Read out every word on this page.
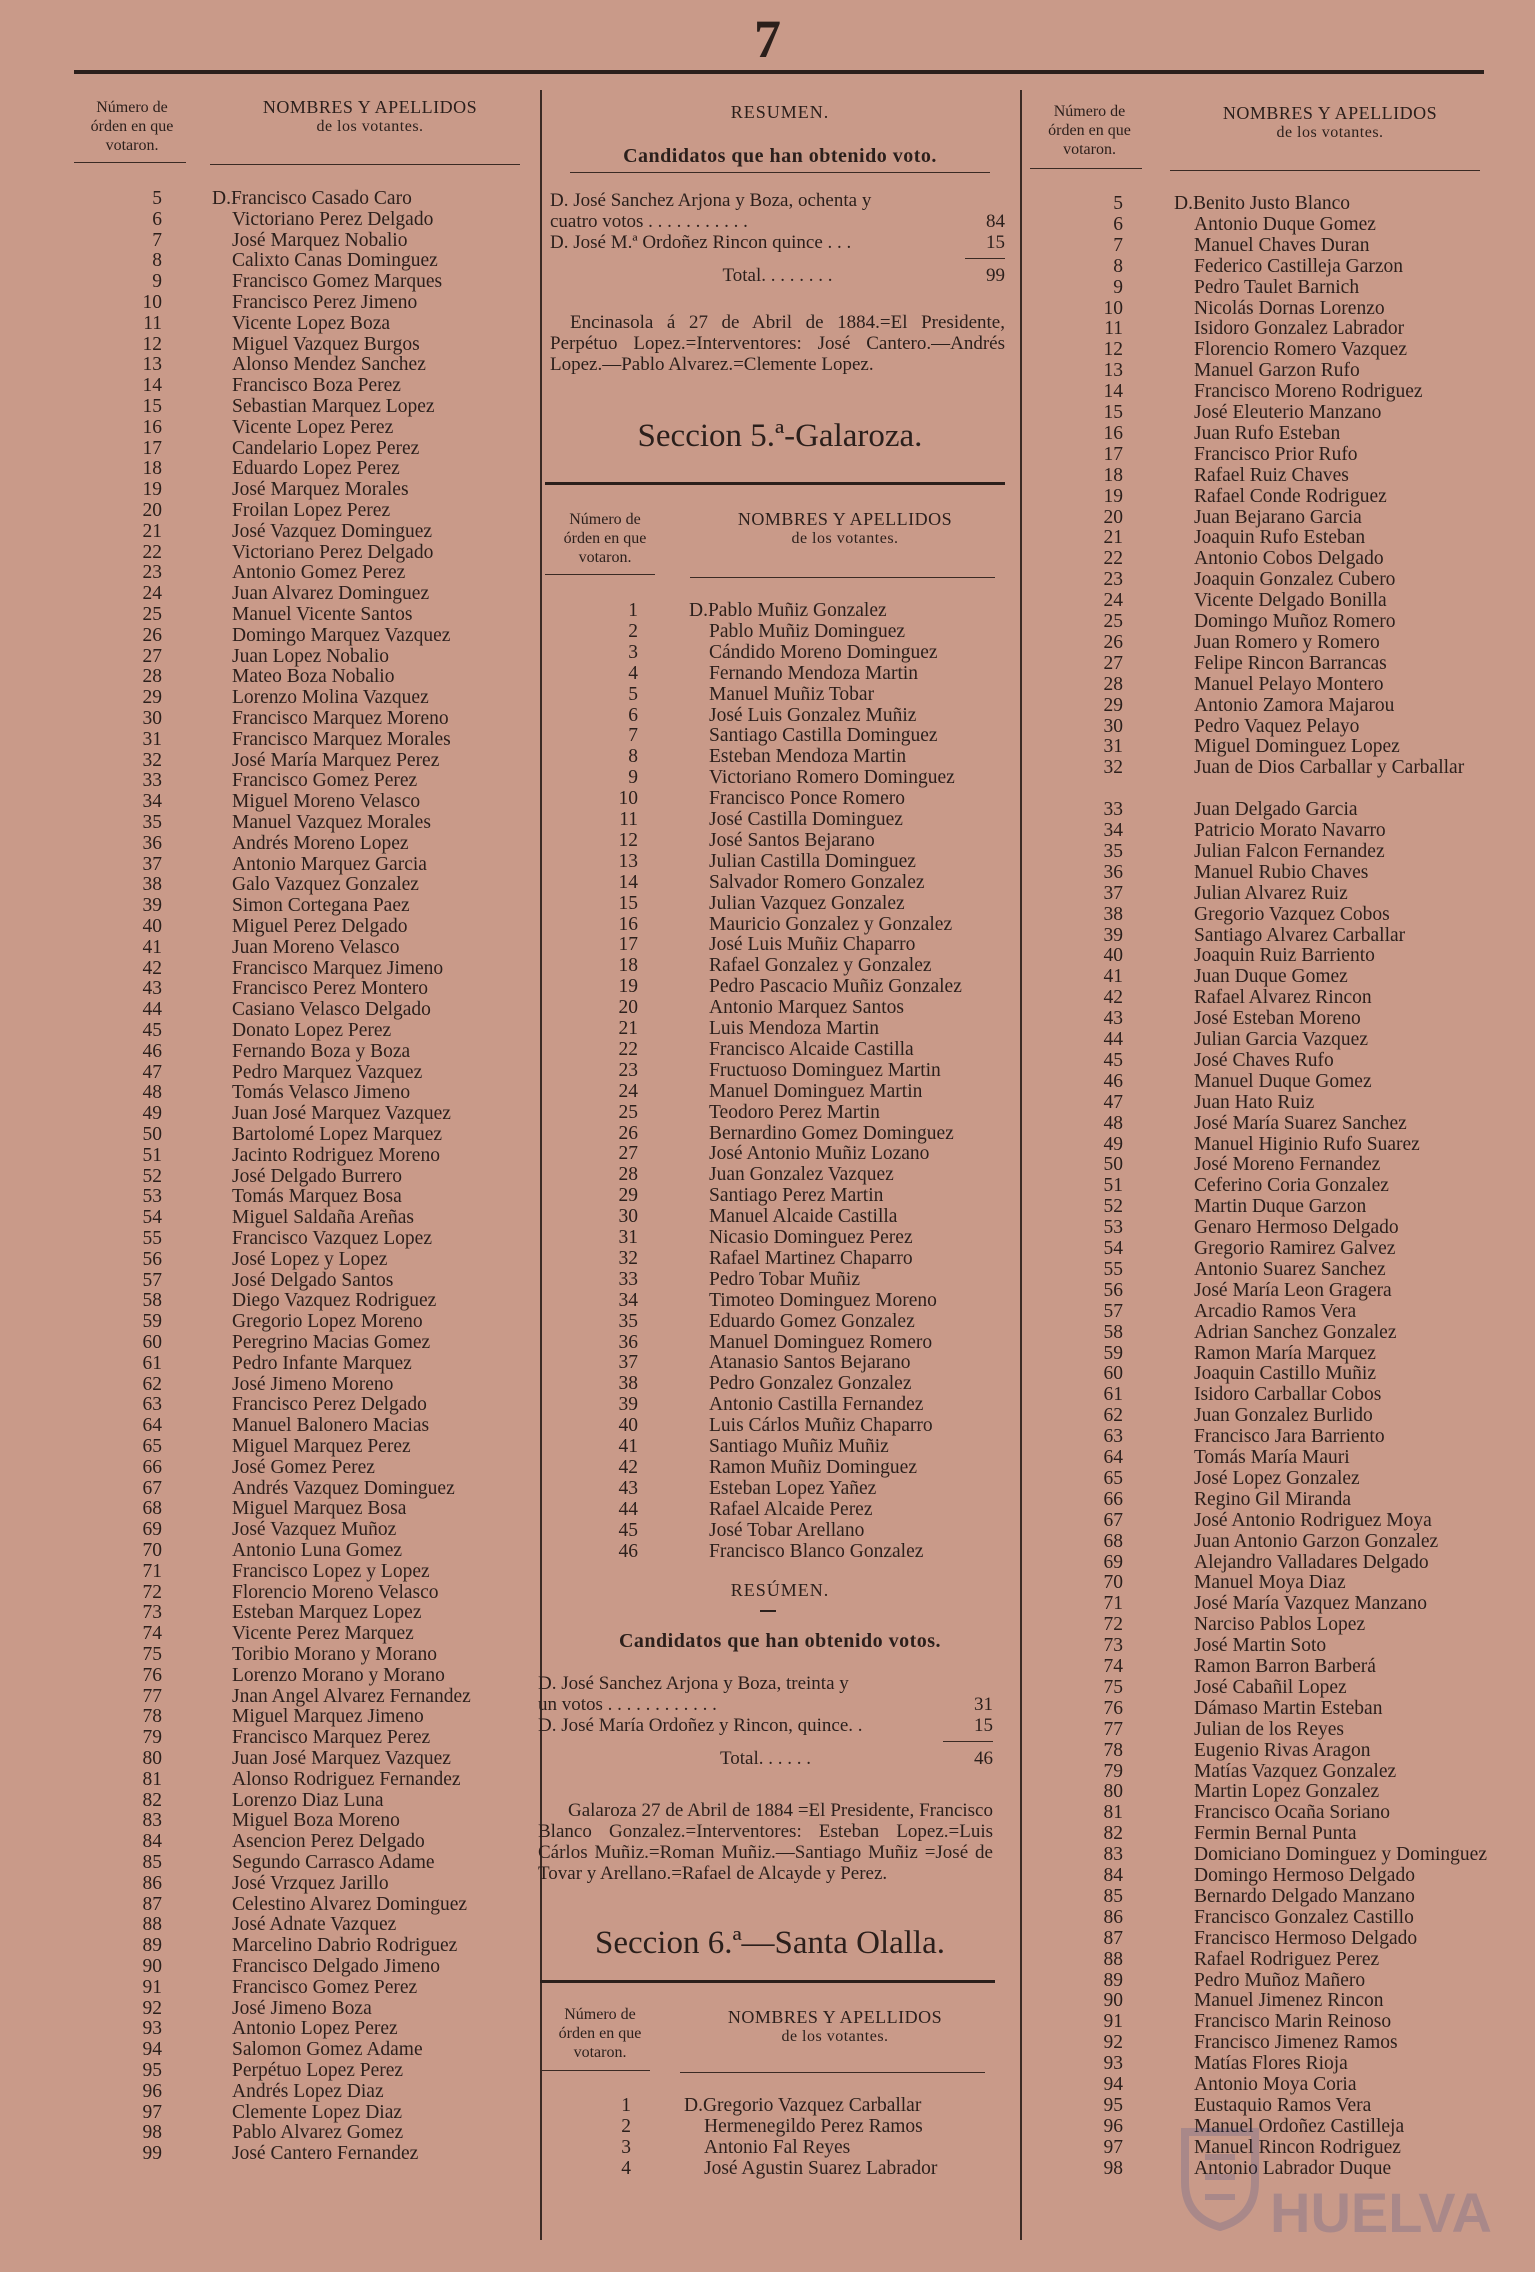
7
Número de
órden en que
votaron.
NOMBRES Y APELLIDOS
de los votantes.
5	D.Francisco Casado Caro
6	Victoriano Perez Delgado
7	José Marquez Nobalio
8	Calixto Canas Dominguez
9	Francisco Gomez Marques
10	Francisco Perez Jimeno
11	Vicente Lopez Boza
12	Miguel Vazquez Burgos
13	Alonso Mendez Sanchez
14	Francisco Boza Perez
15	Sebastian Marquez Lopez
16	Vicente Lopez Perez
17	Candelario Lopez Perez
18	Eduardo Lopez Perez
19	José Marquez Morales
20	Froilan Lopez Perez
21	José Vazquez Dominguez
22	Victoriano Perez Delgado
23	Antonio Gomez Perez
24	Juan Alvarez Dominguez
25	Manuel Vicente Santos
26	Domingo Marquez Vazquez
27	Juan Lopez Nobalio
28	Mateo Boza Nobalio
29	Lorenzo Molina Vazquez
30	Francisco Marquez Moreno
31	Francisco Marquez Morales
32	José María Marquez Perez
33	Francisco Gomez Perez
34	Miguel Moreno Velasco
35	Manuel Vazquez Morales
36	Andrés Moreno Lopez
37	Antonio Marquez Garcia
38	Galo Vazquez Gonzalez
39	Simon Cortegana Paez
40	Miguel Perez Delgado
41	Juan Moreno Velasco
42	Francisco Marquez Jimeno
43	Francisco Perez Montero
44	Casiano Velasco Delgado
45	Donato Lopez Perez
46	Fernando Boza y Boza
47	Pedro Marquez Vazquez
48	Tomás Velasco Jimeno
49	Juan José Marquez Vazquez
50	Bartolomé Lopez Marquez
51	Jacinto Rodriguez Moreno
52	José Delgado Burrero
53	Tomás Marquez Bosa
54	Miguel Saldaña Areñas
55	Francisco Vazquez Lopez
56	José Lopez y Lopez
57	José Delgado Santos
58	Diego Vazquez Rodriguez
59	Gregorio Lopez Moreno
60	Peregrino Macias Gomez
61	Pedro Infante Marquez
62	José Jimeno Moreno
63	Francisco Perez Delgado
64	Manuel Balonero Macias
65	Miguel Marquez Perez
66	José Gomez Perez
67	Andrés Vazquez Dominguez
68	Miguel Marquez Bosa
69	José Vazquez Muñoz
70	Antonio Luna Gomez
71	Francisco Lopez y Lopez
72	Florencio Moreno Velasco
73	Esteban Marquez Lopez
74	Vicente Perez Marquez
75	Toribio Morano y Morano
76	Lorenzo Morano y Morano
77	Jnan Angel Alvarez Fernandez
78	Miguel Marquez Jimeno
79	Francisco Marquez Perez
80	Juan José Marquez Vazquez
81	Alonso Rodriguez Fernandez
82	Lorenzo Diaz Luna
83	Miguel Boza Moreno
84	Asencion Perez Delgado
85	Segundo Carrasco Adame
86	José Vrzquez Jarillo
87	Celestino Alvarez Dominguez
88	José Adnate Vazquez
89	Marcelino Dabrio Rodriguez
90	Francisco Delgado Jimeno
91	Francisco Gomez Perez
92	José Jimeno Boza
93	Antonio Lopez Perez
94	Salomon Gomez Adame
95	Perpétuo Lopez Perez
96	Andrés Lopez Diaz
97	Clemente Lopez Diaz
98	Pablo Alvarez Gomez
99	José Cantero Fernandez
RESUMEN.
Candidatos que han obtenido voto.
D. José Sanchez Arjona y Boza, ochenta y
cuatro votos . . . . . . . . . . .	84
D. José M.ª Ordoñez Rincon quince . . .	15
Total. . . . . . . .	99
Encinasola á 27 de Abril de 1884.=El Presidente, Perpétuo Lopez.=Interventores: José Cantero.—Andrés Lopez.—Pablo Alvarez.=Clemente Lopez.
Seccion 5.ª-Galaroza.
Número de
órden en que
votaron.
NOMBRES Y APELLIDOS
de los votantes.
1	D.Pablo Muñiz Gonzalez
2	Pablo Muñiz Dominguez
3	Cándido Moreno Dominguez
4	Fernando Mendoza Martin
5	Manuel Muñiz Tobar
6	José Luis Gonzalez Muñiz
7	Santiago Castilla Dominguez
8	Esteban Mendoza Martin
9	Victoriano Romero Dominguez
10	Francisco Ponce Romero
11	José Castilla Dominguez
12	José Santos Bejarano
13	Julian Castilla Dominguez
14	Salvador Romero Gonzalez
15	Julian Vazquez Gonzalez
16	Mauricio Gonzalez y Gonzalez
17	José Luis Muñiz Chaparro
18	Rafael Gonzalez y Gonzalez
19	Pedro Pascacio Muñiz Gonzalez
20	Antonio Marquez Santos
21	Luis Mendoza Martin
22	Francisco Alcaide Castilla
23	Fructuoso Dominguez Martin
24	Manuel Dominguez Martin
25	Teodoro Perez Martin
26	Bernardino Gomez Dominguez
27	José Antonio Muñiz Lozano
28	Juan Gonzalez Vazquez
29	Santiago Perez Martin
30	Manuel Alcaide Castilla
31	Nicasio Dominguez Perez
32	Rafael Martinez Chaparro
33	Pedro Tobar Muñiz
34	Timoteo Dominguez Moreno
35	Eduardo Gomez Gonzalez
36	Manuel Dominguez Romero
37	Atanasio Santos Bejarano
38	Pedro Gonzalez Gonzalez
39	Antonio Castilla Fernandez
40	Luis Cárlos Muñiz Chaparro
41	Santiago Muñiz Muñiz
42	Ramon Muñiz Dominguez
43	Esteban Lopez Yañez
44	Rafael Alcaide Perez
45	José Tobar Arellano
46	Francisco Blanco Gonzalez
RESÚMEN.
Candidatos que han obtenido votos.
D. José Sanchez Arjona y Boza, treinta y
un votos . . . . . . . . . . . .	31
D. José María Ordoñez y Rincon, quince. .	15
Total. . . . . .	46
Galaroza 27 de Abril de 1884 =El Presidente, Francisco Blanco Gonzalez.=Interventores: Esteban Lopez.=Luis Cárlos Muñiz.=Roman Muñiz.—Santiago Muñiz =José de Tovar y Arellano.=Rafael de Alcayde y Perez.
Seccion 6.ª—Santa Olalla.
Número de
órden en que
votaron.
NOMBRES Y APELLIDOS
de los votantes.
1	D.Gregorio Vazquez Carballar
2	Hermenegildo Perez Ramos
3	Antonio Fal Reyes
4	José Agustin Suarez Labrador
Número de
órden en que
votaron.
NOMBRES Y APELLIDOS
de los votantes.
5	D.Benito Justo Blanco
6	Antonio Duque Gomez
7	Manuel Chaves Duran
8	Federico Castilleja Garzon
9	Pedro Taulet Barnich
10	Nicolás Dornas Lorenzo
11	Isidoro Gonzalez Labrador
12	Florencio Romero Vazquez
13	Manuel Garzon Rufo
14	Francisco Moreno Rodriguez
15	José Eleuterio Manzano
16	Juan Rufo Esteban
17	Francisco Prior Rufo
18	Rafael Ruiz Chaves
19	Rafael Conde Rodriguez
20	Juan Bejarano Garcia
21	Joaquin Rufo Esteban
22	Antonio Cobos Delgado
23	Joaquin Gonzalez Cubero
24	Vicente Delgado Bonilla
25	Domingo Muñoz Romero
26	Juan Romero y Romero
27	Felipe Rincon Barrancas
28	Manuel Pelayo Montero
29	Antonio Zamora Majarou
30	Pedro Vaquez Pelayo
31	Miguel Dominguez Lopez
32	Juan de Dios Carballar y Carballar
33	Juan Delgado Garcia
34	Patricio Morato Navarro
35	Julian Falcon Fernandez
36	Manuel Rubio Chaves
37	Julian Alvarez Ruiz
38	Gregorio Vazquez Cobos
39	Santiago Alvarez Carballar
40	Joaquin Ruiz Barriento
41	Juan Duque Gomez
42	Rafael Alvarez Rincon
43	José Esteban Moreno
44	Julian Garcia Vazquez
45	José Chaves Rufo
46	Manuel Duque Gomez
47	Juan Hato Ruiz
48	José María Suarez Sanchez
49	Manuel Higinio Rufo Suarez
50	José Moreno Fernandez
51	Ceferino Coria Gonzalez
52	Martin Duque Garzon
53	Genaro Hermoso Delgado
54	Gregorio Ramirez Galvez
55	Antonio Suarez Sanchez
56	José María Leon Gragera
57	Arcadio Ramos Vera
58	Adrian Sanchez Gonzalez
59	Ramon María Marquez
60	Joaquin Castillo Muñiz
61	Isidoro Carballar Cobos
62	Juan Gonzalez Burlido
63	Francisco Jara Barriento
64	Tomás María Mauri
65	José Lopez Gonzalez
66	Regino Gil Miranda
67	José Antonio Rodriguez Moya
68	Juan Antonio Garzon Gonzalez
69	Alejandro Valladares Delgado
70	Manuel Moya Diaz
71	José María Vazquez Manzano
72	Narciso Pablos Lopez
73	José Martin Soto
74	Ramon Barron Barberá
75	José Cabañil Lopez
76	Dámaso Martin Esteban
77	Julian de los Reyes
78	Eugenio Rivas Aragon
79	Matías Vazquez Gonzalez
80	Martin Lopez Gonzalez
81	Francisco Ocaña Soriano
82	Fermin Bernal Punta
83	Domiciano Dominguez y Dominguez
84	Domingo Hermoso Delgado
85	Bernardo Delgado Manzano
86	Francisco Gonzalez Castillo
87	Francisco Hermoso Delgado
88	Rafael Rodriguez Perez
89	Pedro Muñoz Mañero
90	Manuel Jimenez Rincon
91	Francisco Marin Reinoso
92	Francisco Jimenez Ramos
93	Matías Flores Rioja
94	Antonio Moya Coria
95	Eustaquio Ramos Vera
96	Manuel Ordoñez Castilleja
97	Manuel Rincon Rodriguez
98	Antonio Labrador Duque
HUELVA
